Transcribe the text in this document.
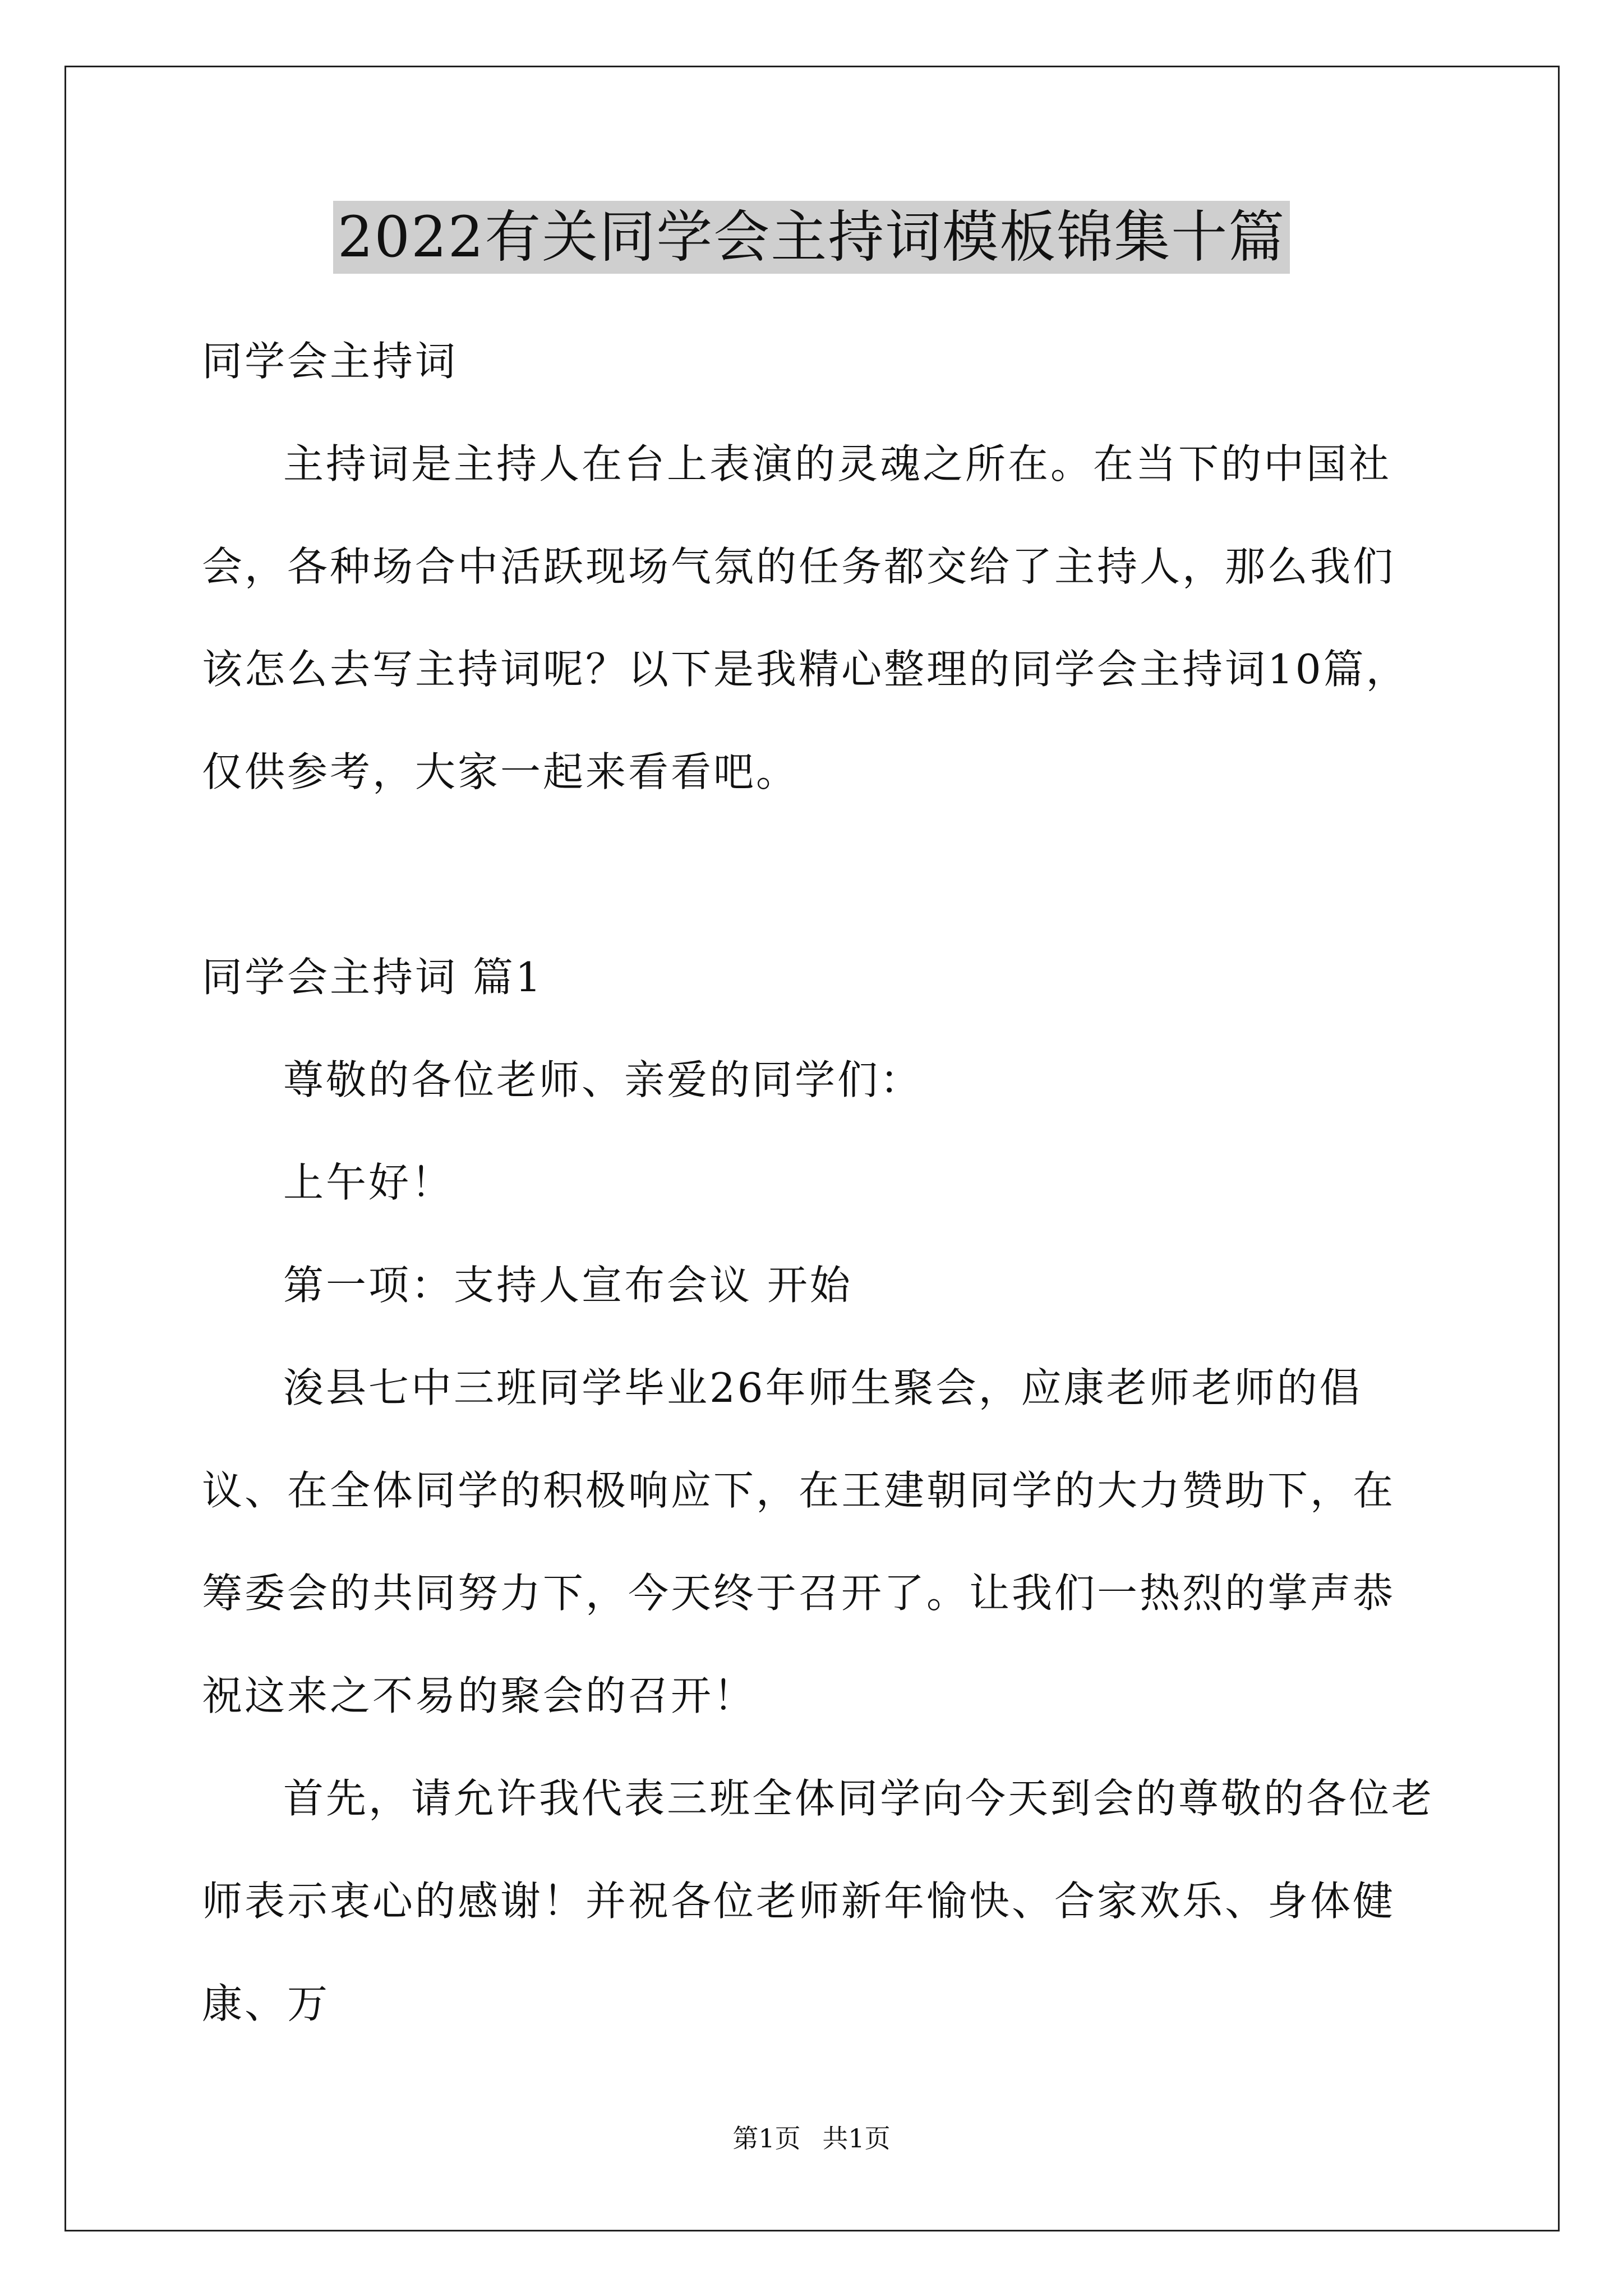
2022有关同学会主持词模板锦集十篇

同学会主持词

主持词是主持人在台上表演的灵魂之所在。在当下的中国社会，各种场合中活跃现场气氛的任务都交给了主持人，那么我们该怎么去写主持词呢？以下是我精心整理的同学会主持词10篇，仅供参考，大家一起来看看吧。

同学会主持词 篇1

尊敬的各位老师、亲爱的同学们：

上午好！

第一项：支持人宣布会议 开始

浚县七中三班同学毕业26年师生聚会，应康老师老师的倡议、在全体同学的积极响应下，在王建朝同学的大力赞助下，在筹委会的共同努力下，今天终于召开了。让我们一热烈的掌声恭祝这来之不易的聚会的召开！

首先，请允许我代表三班全体同学向今天到会的尊敬的各位老师表示衷心的感谢！并祝各位老师新年愉快、合家欢乐、身体健康、万

第1页 共1页
